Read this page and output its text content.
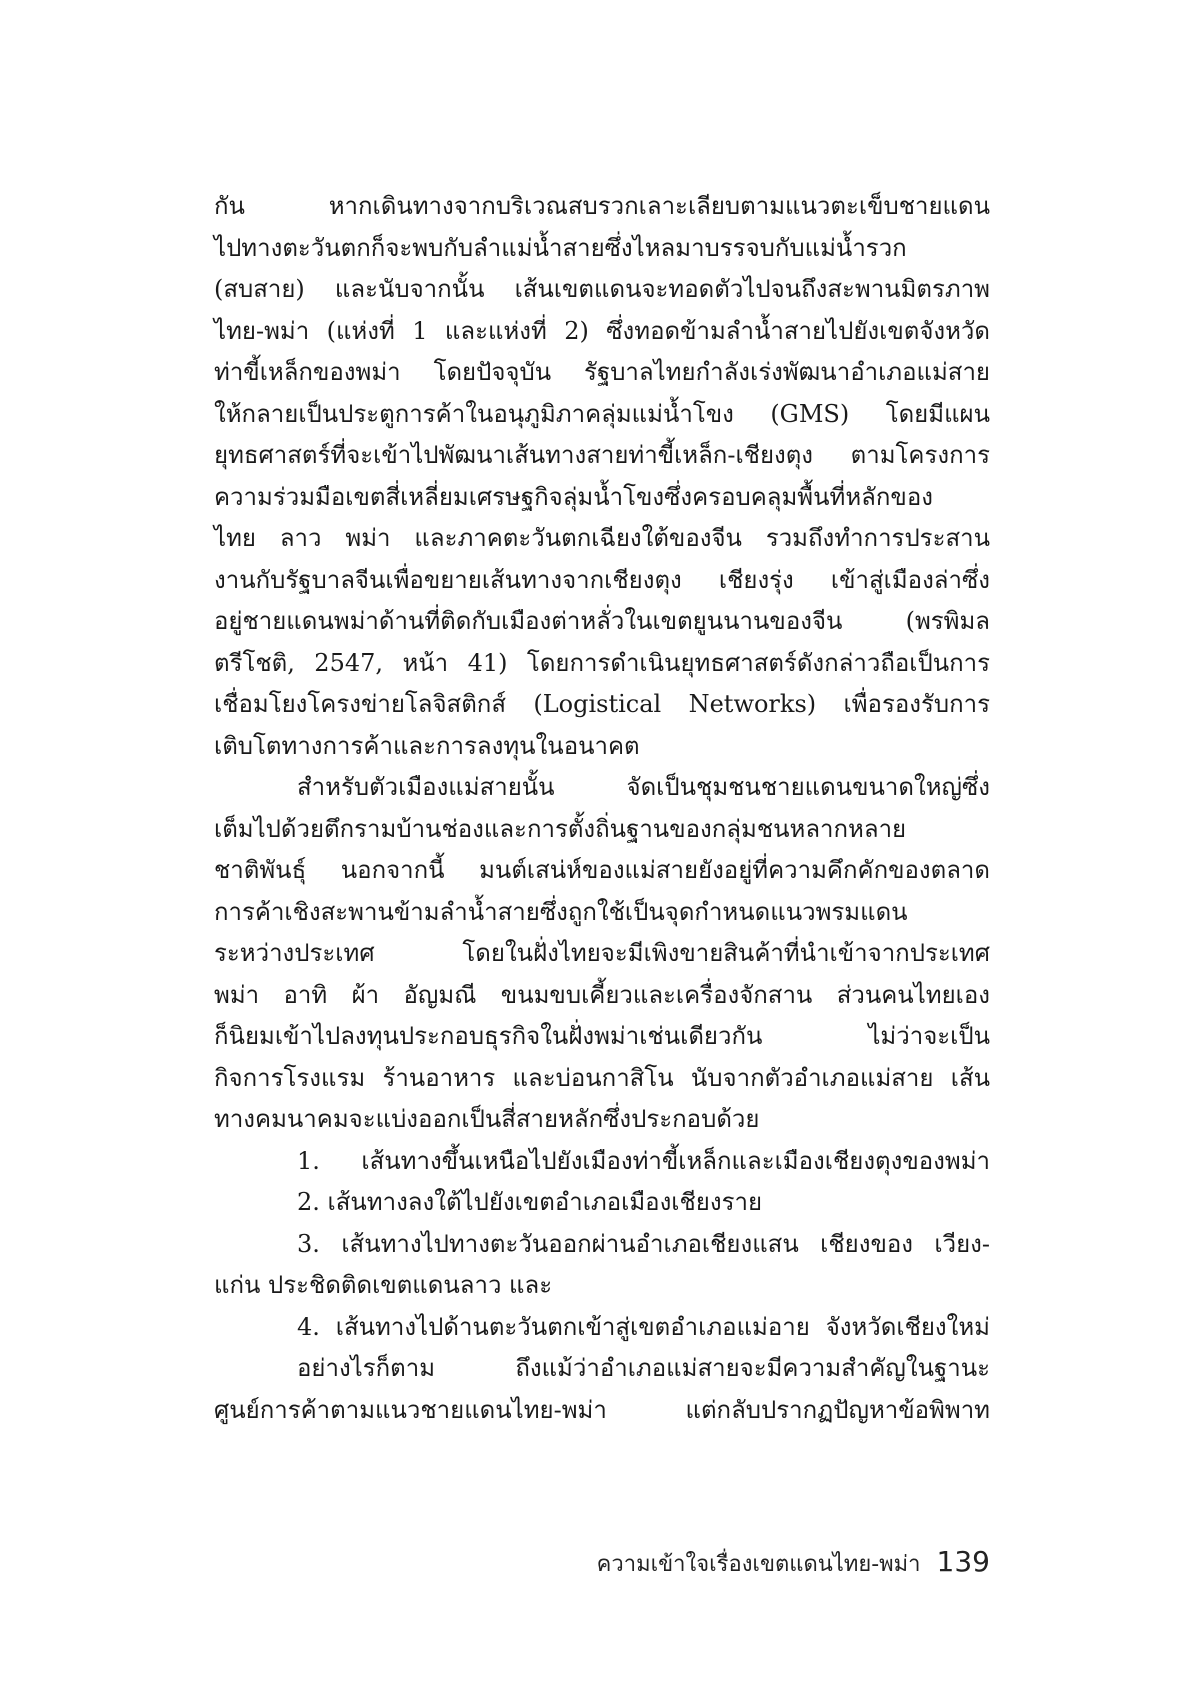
กัน หากเดินทางจากบริเวณสบรวกเลาะเลียบตามแนวตะเข็บชายแดน
ไปทางตะวันตกก็จะพบกับลำแม่น้ำสายซึ่งไหลมาบรรจบกับแม่น้ำรวก
(สบสาย) และนับจากนั้น เส้นเขตแดนจะทอดตัวไปจนถึงสะพานมิตรภาพ
ไทย-พม่า (แห่งที่ 1 และแห่งที่ 2) ซึ่งทอดข้ามลำน้ำสายไปยังเขตจังหวัด
ท่าขี้เหล็กของพม่า โดยปัจจุบัน รัฐบาลไทยกำลังเร่งพัฒนาอำเภอแม่สาย
ให้กลายเป็นประตูการค้าในอนุภูมิภาคลุ่มแม่น้ำโขง (GMS) โดยมีแผน
ยุทธศาสตร์ที่จะเข้าไปพัฒนาเส้นทางสายท่าขี้เหล็ก-เชียงตุง ตามโครงการ
ความร่วมมือเขตสี่เหลี่ยมเศรษฐกิจลุ่มน้ำโขงซึ่งครอบคลุมพื้นที่หลักของ
ไทย ลาว พม่า และภาคตะวันตกเฉียงใต้ของจีน รวมถึงทำการประสาน
งานกับรัฐบาลจีนเพื่อขยายเส้นทางจากเชียงตุง เชียงรุ่ง เข้าสู่เมืองล่าซึ่ง
อยู่ชายแดนพม่าด้านที่ติดกับเมืองต่าหลั่วในเขตยูนนานของจีน (พรพิมล
ตรีโชติ, 2547, หน้า 41) โดยการดำเนินยุทธศาสตร์ดังกล่าวถือเป็นการ
เชื่อมโยงโครงข่ายโลจิสติกส์ (Logistical Networks) เพื่อรองรับการ
เติบโตทางการค้าและการลงทุนในอนาคต
สำหรับตัวเมืองแม่สายนั้น จัดเป็นชุมชนชายแดนขนาดใหญ่ซึ่ง
เต็มไปด้วยตึกรามบ้านช่องและการตั้งถิ่นฐานของกลุ่มชนหลากหลาย
ชาติพันธุ์ นอกจากนี้ มนต์เสน่ห์ของแม่สายยังอยู่ที่ความคึกคักของตลาด
การค้าเชิงสะพานข้ามลำน้ำสายซึ่งถูกใช้เป็นจุดกำหนดแนวพรมแดน
ระหว่างประเทศ โดยในฝั่งไทยจะมีเพิงขายสินค้าที่นำเข้าจากประเทศ
พม่า อาทิ ผ้า อัญมณี ขนมขบเคี้ยวและเครื่องจักสาน ส่วนคนไทยเอง
ก็นิยมเข้าไปลงทุนประกอบธุรกิจในฝั่งพม่าเช่นเดียวกัน ไม่ว่าจะเป็น
กิจการโรงแรม ร้านอาหาร และบ่อนกาสิโน นับจากตัวอำเภอแม่สาย เส้น
ทางคมนาคมจะแบ่งออกเป็นสี่สายหลักซึ่งประกอบด้วย
1. เส้นทางขึ้นเหนือไปยังเมืองท่าขี้เหล็กและเมืองเชียงตุงของพม่า
2. เส้นทางลงใต้ไปยังเขตอำเภอเมืองเชียงราย
3. เส้นทางไปทางตะวันออกผ่านอำเภอเชียงแสน เชียงของ เวียง-
แก่น ประชิดติดเขตแดนลาว และ
4. เส้นทางไปด้านตะวันตกเข้าสู่เขตอำเภอแม่อาย จังหวัดเชียงใหม่
อย่างไรก็ตาม ถึงแม้ว่าอำเภอแม่สายจะมีความสำคัญในฐานะ
ศูนย์การค้าตามแนวชายแดนไทย-พม่า แต่กลับปรากฏปัญหาข้อพิพาท
ความเข้าใจเรื่องเขตแดนไทย-พม่า 139
